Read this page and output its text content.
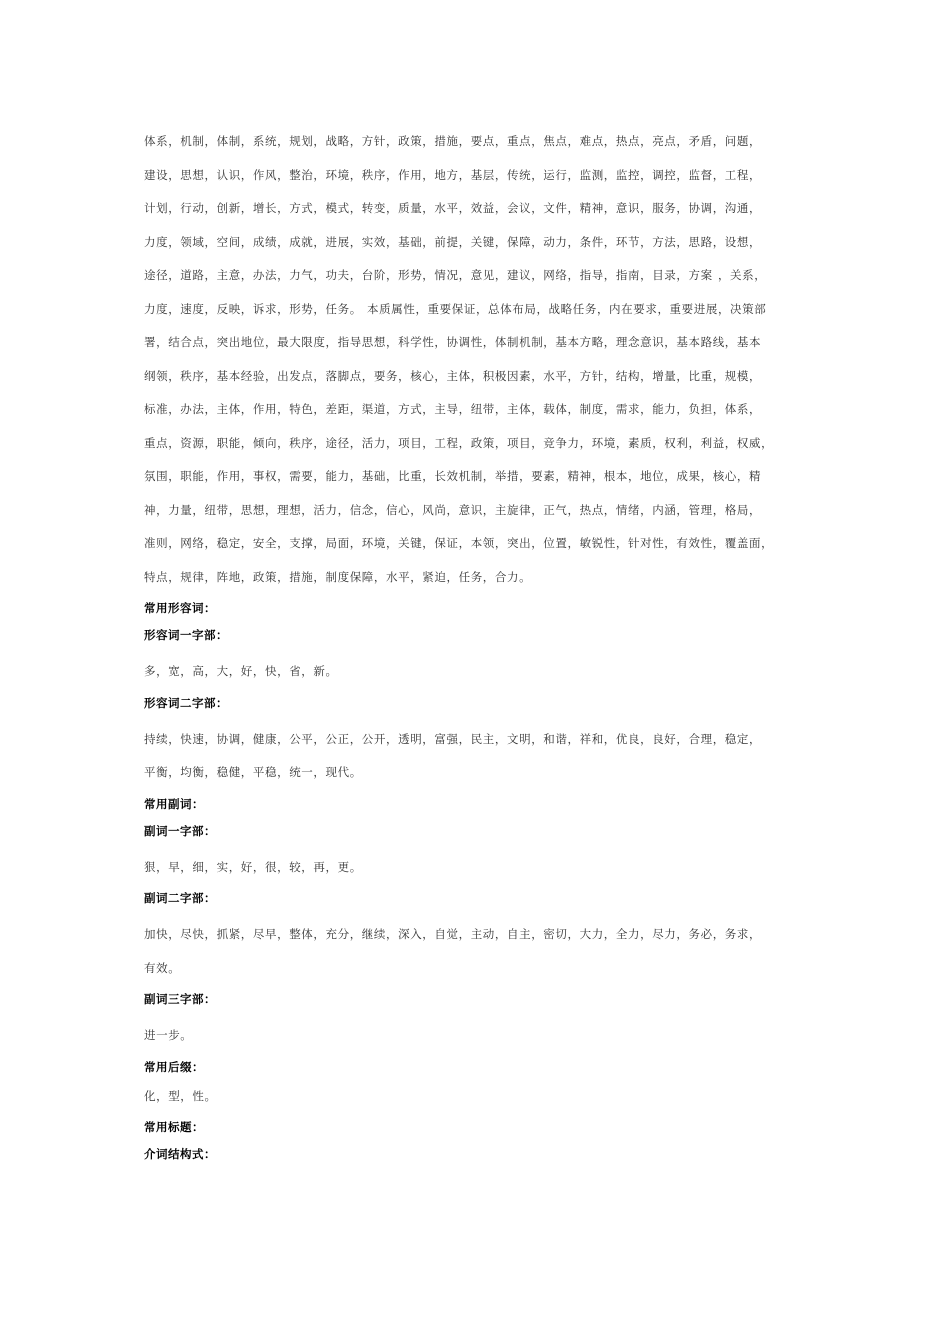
体系，机制，体制，系统，规划，战略，方针，政策，措施，要点，重点，焦点，难点，热点，亮点，矛盾，问题，
建设，思想，认识，作风，整治，环境，秩序，作用，地方，基层，传统，运行，监测，监控，调控，监督，工程，
计划，行动，创新，增长，方式，模式，转变，质量，水平，效益，会议，文件，精神，意识，服务，协调，沟通，
力度，领域，空间，成绩，成就，进展，实效，基础，前提，关键，保障，动力，条件，环节，方法，思路，设想，
途径，道路，主意，办法，力气，功夫，台阶，形势，情况，意见，建议，网络，指导，指南，目录，方案 ，关系，
力度，速度，反映，诉求，形势，任务。 本质属性，重要保证，总体布局，战略任务，内在要求，重要进展，决策部
署，结合点，突出地位，最大限度，指导思想，科学性，协调性，体制机制，基本方略，理念意识，基本路线，基本
纲领，秩序，基本经验，出发点，落脚点，要务，核心，主体，积极因素，水平，方针，结构，增量，比重，规模，
标准，办法，主体，作用，特色，差距，渠道，方式，主导，纽带，主体，载体，制度，需求，能力，负担，体系，
重点，资源，职能，倾向，秩序，途径，活力，项目，工程，政策，项目，竞争力，环境，素质，权利，利益，权威，
氛围，职能，作用，事权，需要，能力，基础，比重，长效机制，举措，要素，精神，根本，地位，成果，核心，精
神，力量，纽带，思想，理想，活力，信念，信心，风尚，意识，主旋律，正气，热点，情绪，内涵，管理，格局，
准则，网络，稳定，安全，支撑，局面，环境，关键，保证，本领，突出，位置，敏锐性，针对性，有效性，覆盖面，
特点，规律，阵地，政策，措施，制度保障，水平，紧迫，任务，合力。
常用形容词：
形容词一字部：
多，宽，高，大，好，快，省，新。
形容词二字部：
持续，快速，协调，健康，公平，公正，公开，透明，富强，民主，文明，和谐，祥和，优良，良好，合理，稳定，
平衡，均衡，稳健，平稳，统一，现代。
常用副词：
副词一字部：
狠，早，细，实，好，很，较，再，更。
副词二字部：
加快，尽快，抓紧，尽早，整体，充分，继续，深入，自觉，主动，自主，密切，大力，全力，尽力，务必，务求，
有效。
副词三字部：
进一步。
常用后缀：
化，型，性。
常用标题：
介词结构式：
